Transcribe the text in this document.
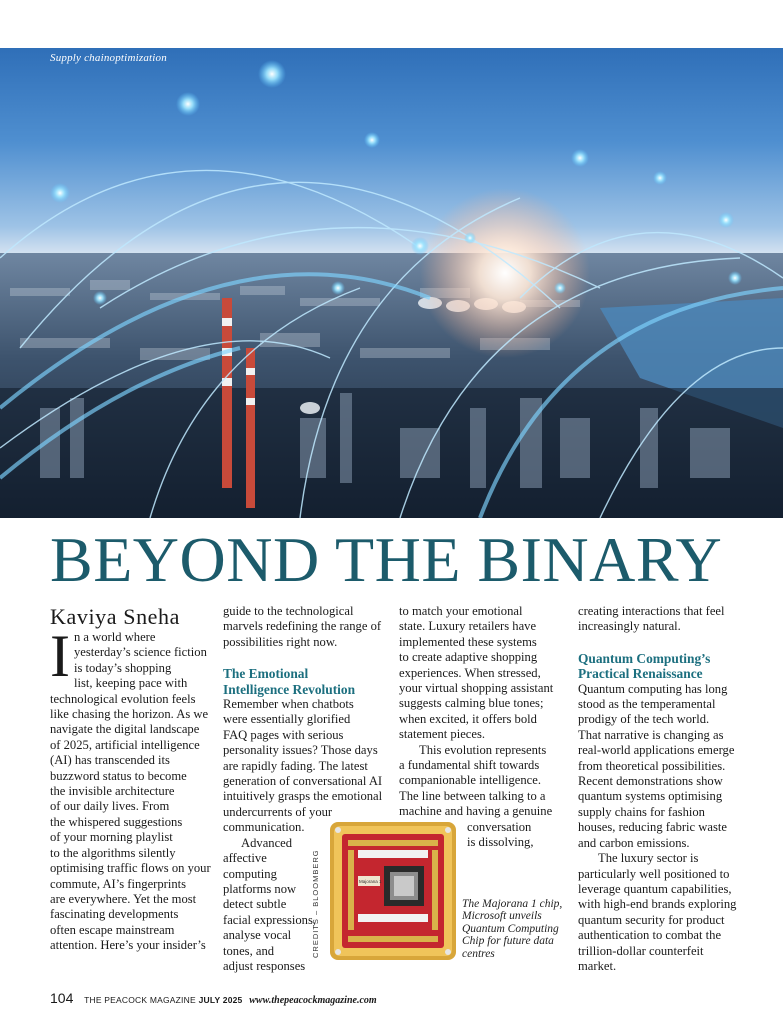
Supply chainoptimization
BEYOND THE BINARY

Kaviya Sneha

I n a world where
yesterday’s science fiction
is today’s shopping
list, keeping pace with
technological evolution feels
like chasing the horizon. As we
navigate the digital landscape
of 2025, artificial intelligence
(AI) has transcended its
buzzword status to become
the invisible architecture
of our daily lives. From
the whispered suggestions
of your morning playlist
to the algorithms silently
optimising traffic flows on your
commute, AI’s fingerprints
are everywhere. Yet the most
fascinating developments
often escape mainstream
attention. Here’s your insider’s
guide to the technological
marvels redefining the range of
possibilities right now.
The Emotional
Intelligence Revolution
Remember when chatbots
were essentially glorified
FAQ pages with serious
personality issues? Those days
are rapidly fading. The latest
generation of conversational AI
intuitively grasps the emotional
undercurrents of your
communication.
Advanced
affective
computing
platforms now
detect subtle
facial expressions,
analyse vocal
tones, and
adjust responses
to match your emotional
state. Luxury retailers have
implemented these systems
to create adaptive shopping
experiences. When stressed,
your virtual shopping assistant
suggests calming blue tones;
when excited, it offers bold
statement pieces.
This evolution represents
a fundamental shift towards
companionable intelligence.
The line between talking to a
machine and having a genuine
conversation
is dissolving,
creating interactions that feel
increasingly natural.
Quantum Computing’s
Practical Renaissance
Quantum computing has long
stood as the temperamental
prodigy of the tech world.
That narrative is changing as
real-world applications emerge
from theoretical possibilities.
Recent demonstrations show
quantum systems optimising
supply chains for fashion
houses, reducing fabric waste
and carbon emissions.
The luxury sector is
particularly well positioned to
leverage quantum capabilities,
with high-end brands exploring
quantum security for product
authentication to combat the
trillion-dollar counterfeit
market.
CREDITS – BLOOMBERG	Majorana 1
The Majorana 1 chip,
Microsoft unveils
Quantum Computing
Chip for future data
centres
104 THE PEACOCK MAGAZINE JULY 2025 www.thepeacockmagazine.com
